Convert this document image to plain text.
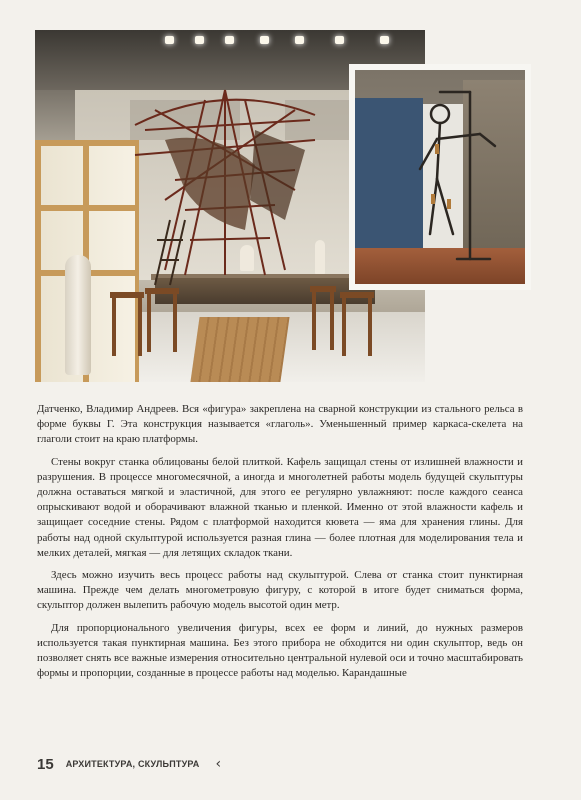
Датченко, Владимир Андреев. Вся «фигура» закреплена на сварной конструкции из стального рельса в форме буквы Г. Эта конструкция называется «глаголь». Уменьшенный пример каркаса-скелета на глаголи стоит на краю платформы.

Стены вокруг станка облицованы белой плиткой. Кафель защищал стены от излишней влажности и разрушения. В процессе многомесячной, а иногда и многолетней работы модель будущей скульптуры должна оставаться мягкой и эластичной, для этого ее регулярно увлажняют: после каждого сеанса опрыскивают водой и оборачивают влажной тканью и пленкой. Именно от этой влажности кафель и защищает соседние стены. Рядом с платформой находится кювета — яма для хранения глины. Для работы над одной скульптурой используется разная глина — более плотная для моделирования тела и мелких деталей, мягкая — для летящих складок ткани.

Здесь можно изучить весь процесс работы над скульптурой. Слева от станка стоит пунктирная машина. Прежде чем делать многометровую фигуру, с которой в итоге будет сниматься форма, скульптор должен вылепить рабочую модель высотой один метр.

Для пропорционального увеличения фигуры, всех ее форм и линий, до нужных размеров используется такая пунктирная машина. Без этого прибора не обходится ни один скульптор, ведь он позволяет снять все важные измерения относительно центральной нулевой оси и точно масштабировать формы и пропорции, созданные в процессе работы над моделью. Карандашные

15 АРХИТЕКТУРА, СКУЛЬПТУРА ‹
